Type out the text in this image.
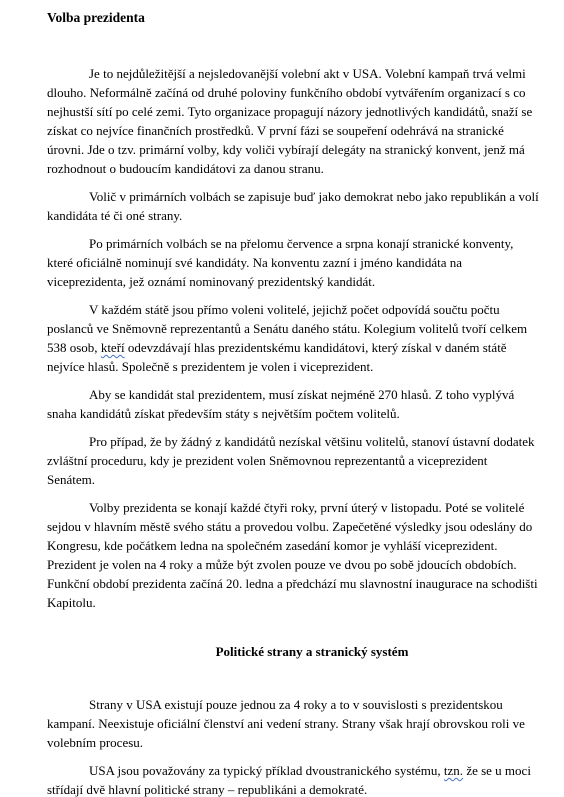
Volba prezidenta

Je to nejdůležitější a nejsledovanější volební akt v USA. Volební kampaň trvá velmi
dlouho. Neformálně začíná od druhé poloviny funkčního období vytvářením organizací s co
nejhustší sítí po celé zemi. Tyto organizace propagují názory jednotlivých kandidátů, snaží se
získat co nejvíce finančních prostředků. V první fázi se soupeření odehrává na stranické
úrovni. Jde o tzv. primární volby, kdy voliči vybírají delegáty na stranický konvent, jenž má
rozhodnout o budoucím kandidátovi za danou stranu.

Volič v primárních volbách se zapisuje buď jako demokrat nebo jako republikán a volí
kandidáta té či oné strany.

Po primárních volbách se na přelomu července a srpna konají stranické konventy,
které oficiálně nominují své kandidáty. Na konventu zazní i jméno kandidáta na
viceprezidenta, jež oznámí nominovaný prezidentský kandidát.

V každém státě jsou přímo voleni volitelé, jejichž počet odpovídá součtu počtu
poslanců ve Sněmovně reprezentantů a Senátu daného státu. Kolegium volitelů tvoří celkem
538 osob, kteří odevzdávají hlas prezidentskému kandidátovi, který získal v daném státě
nejvíce hlasů. Společně s prezidentem je volen i viceprezident.

Aby se kandidát stal prezidentem, musí získat nejméně 270 hlasů. Z toho vyplývá
snaha kandidátů získat především státy s největším počtem volitelů.

Pro případ, že by žádný z kandidátů nezískal většinu volitelů, stanoví ústavní dodatek
zvláštní proceduru, kdy je prezident volen Sněmovnou reprezentantů a viceprezident
Senátem.

Volby prezidenta se konají každé čtyři roky, první úterý v listopadu. Poté se volitelé
sejdou v hlavním městě svého státu a provedou volbu. Zapečetěné výsledky jsou odeslány do
Kongresu, kde počátkem ledna na společném zasedání komor je vyhláší viceprezident.
Prezident je volen na 4 roky a může být zvolen pouze ve dvou po sobě jdoucích obdobích.
Funkční období prezidenta začíná 20. ledna a předchází mu slavnostní inaugurace na schodišti
Kapitolu.

Politické strany a stranický systém

Strany v USA existují pouze jednou za 4 roky a to v souvislosti s prezidentskou
kampaní. Neexistuje oficiální členství ani vedení strany. Strany však hrají obrovskou roli ve
volebním procesu.

USA jsou považovány za typický příklad dvoustranického systému, tzn. že se u moci
střídají dvě hlavní politické strany – republikáni a demokraté.
